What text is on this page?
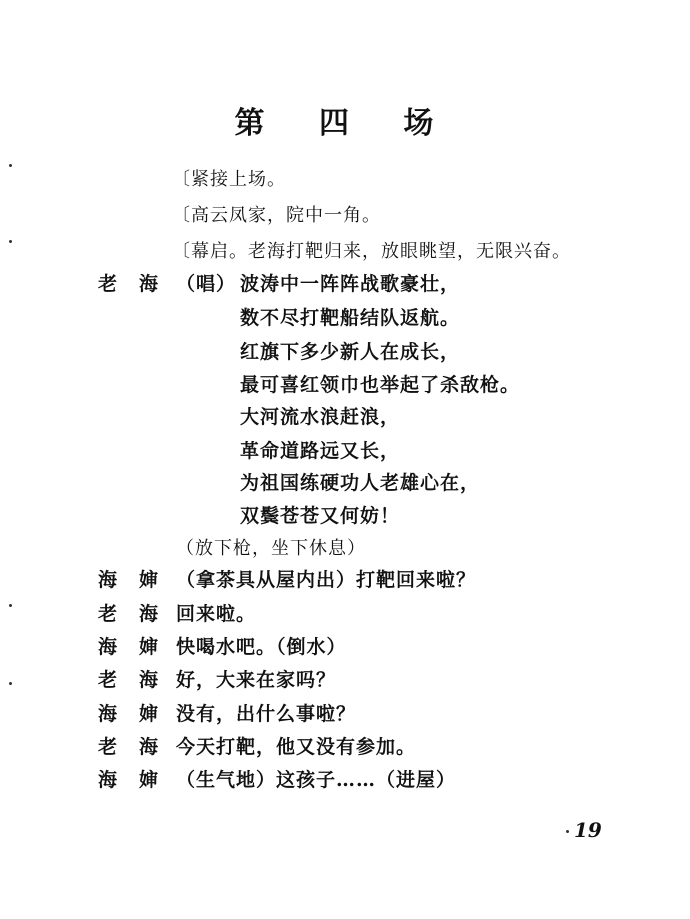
第 四 场
〔紧接上场。
〔高云凤家，院中一角。
〔幕启。老海打靶归来，放眼眺望，无限兴奋。
老海
（唱） 波涛中一阵阵战歌豪壮，
数不尽打靶船结队返航。
红旗下多少新人在成长，
最可喜红领巾也举起了杀敌枪。
大河流水浪赶浪，
革命道路远又长，
为祖国练硬功人老雄心在，
双鬓苍苍又何妨！
（放下枪，坐下休息）
海婶
（拿茶具从屋内出）打靶回来啦？
老海
回来啦。
海婶
快喝水吧。（倒水）
老海
好，大来在家吗？
海婶
没有，出什么事啦？
老海
今天打靶，他又没有参加。
海婶
（生气地）这孩子……（进屋）
19
